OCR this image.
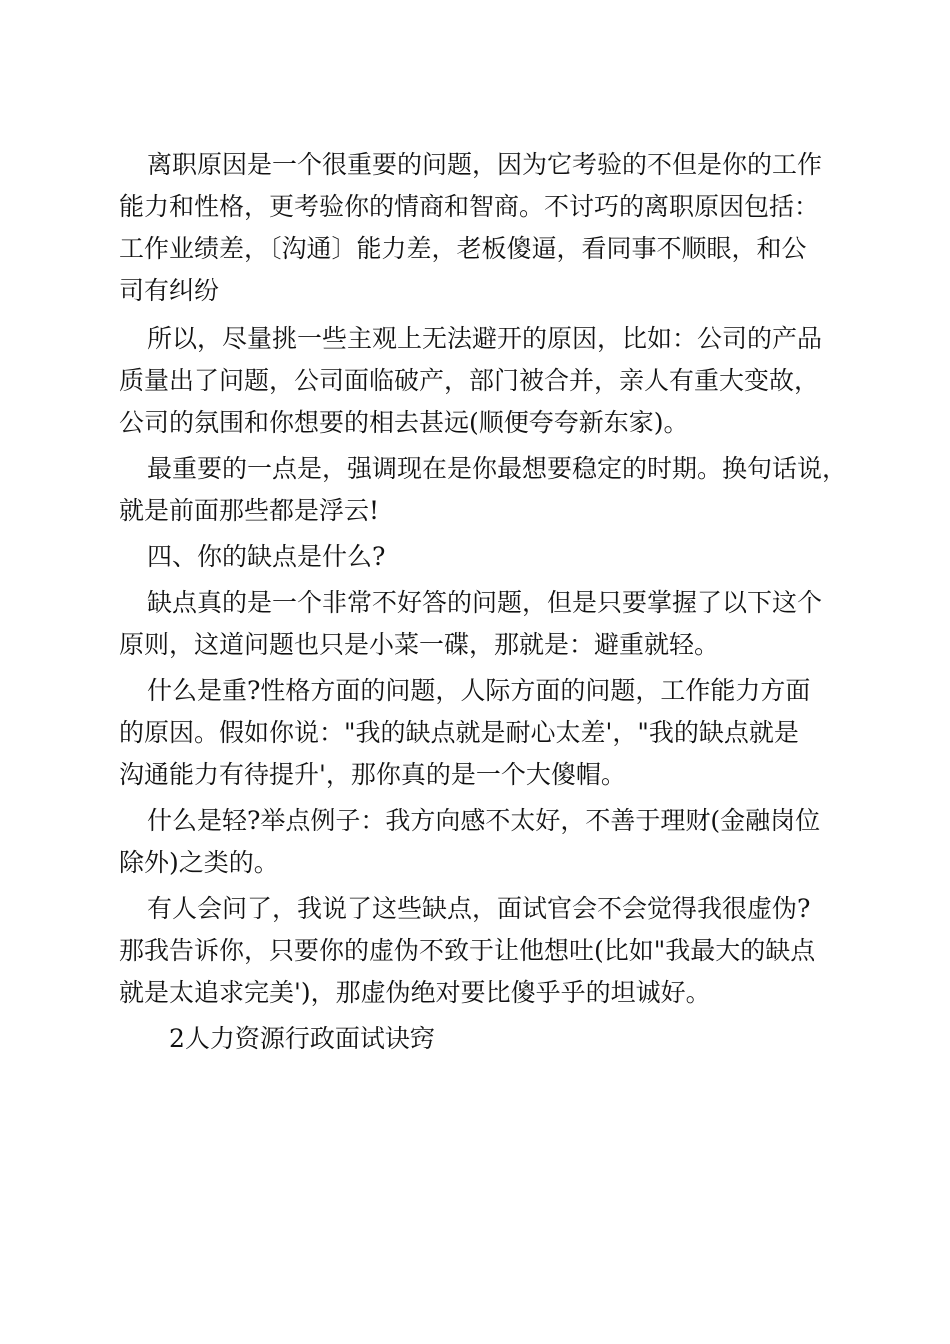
离职原因是一个很重要的问题，因为它考验的不但是你的工作
能力和性格，更考验你的情商和智商。不讨巧的离职原因包括：
工作业绩差，〔沟通〕能力差，老板傻逼，看同事不顺眼，和公
司有纠纷
所以，尽量挑一些主观上无法避开的原因，比如：公司的产品
质量出了问题，公司面临破产，部门被合并，亲人有重大变故，
公司的氛围和你想要的相去甚远(顺便夸夸新东家)。
最重要的一点是，强调现在是你最想要稳定的时期。换句话说，
就是前面那些都是浮云!
四、你的缺点是什么?
缺点真的是一个非常不好答的问题，但是只要掌握了以下这个
原则，这道问题也只是小菜一碟，那就是：避重就轻。
什么是重?性格方面的问题，人际方面的问题，工作能力方面
的原因。假如你说："我的缺点就是耐心太差'，"我的缺点就是
沟通能力有待提升'，那你真的是一个大傻帽。
什么是轻?举点例子：我方向感不太好，不善于理财(金融岗位
除外)之类的。
有人会问了，我说了这些缺点，面试官会不会觉得我很虚伪?
那我告诉你，只要你的虚伪不致于让他想吐(比如"我最大的缺点
就是太追求完美')，那虚伪绝对要比傻乎乎的坦诚好。
2人力资源行政面试诀窍
